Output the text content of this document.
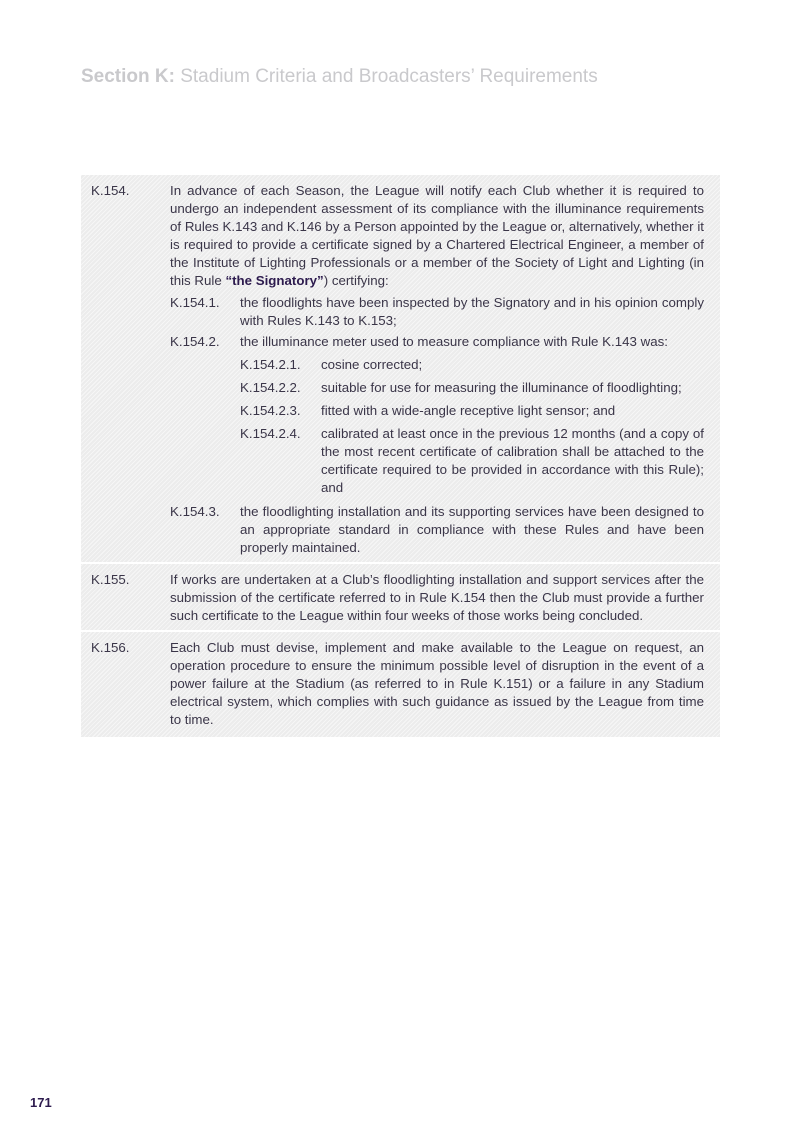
Section K: Stadium Criteria and Broadcasters’ Requirements
K.154.	In advance of each Season, the League will notify each Club whether it is required to undergo an independent assessment of its compliance with the illuminance requirements of Rules K.143 and K.146 by a Person appointed by the League or, alternatively, whether it is required to provide a certificate signed by a Chartered Electrical Engineer, a member of the Institute of Lighting Professionals or a member of the Society of Light and Lighting (in this Rule “the Signatory”) certifying:
K.154.1. the floodlights have been inspected by the Signatory and in his opinion comply with Rules K.143 to K.153;
K.154.2. the illuminance meter used to measure compliance with Rule K.143 was:
K.154.2.1. cosine corrected;
K.154.2.2. suitable for use for measuring the illuminance of floodlighting;
K.154.2.3. fitted with a wide-angle receptive light sensor; and
K.154.2.4. calibrated at least once in the previous 12 months (and a copy of the most recent certificate of calibration shall be attached to the certificate required to be provided in accordance with this Rule); and
K.154.3. the floodlighting installation and its supporting services have been designed to an appropriate standard in compliance with these Rules and have been properly maintained.
K.155.	If works are undertaken at a Club’s floodlighting installation and support services after the submission of the certificate referred to in Rule K.154 then the Club must provide a further such certificate to the League within four weeks of those works being concluded.
K.156.	Each Club must devise, implement and make available to the League on request, an operation procedure to ensure the minimum possible level of disruption in the event of a power failure at the Stadium (as referred to in Rule K.151) or a failure in any Stadium electrical system, which complies with such guidance as issued by the League from time to time.
171
